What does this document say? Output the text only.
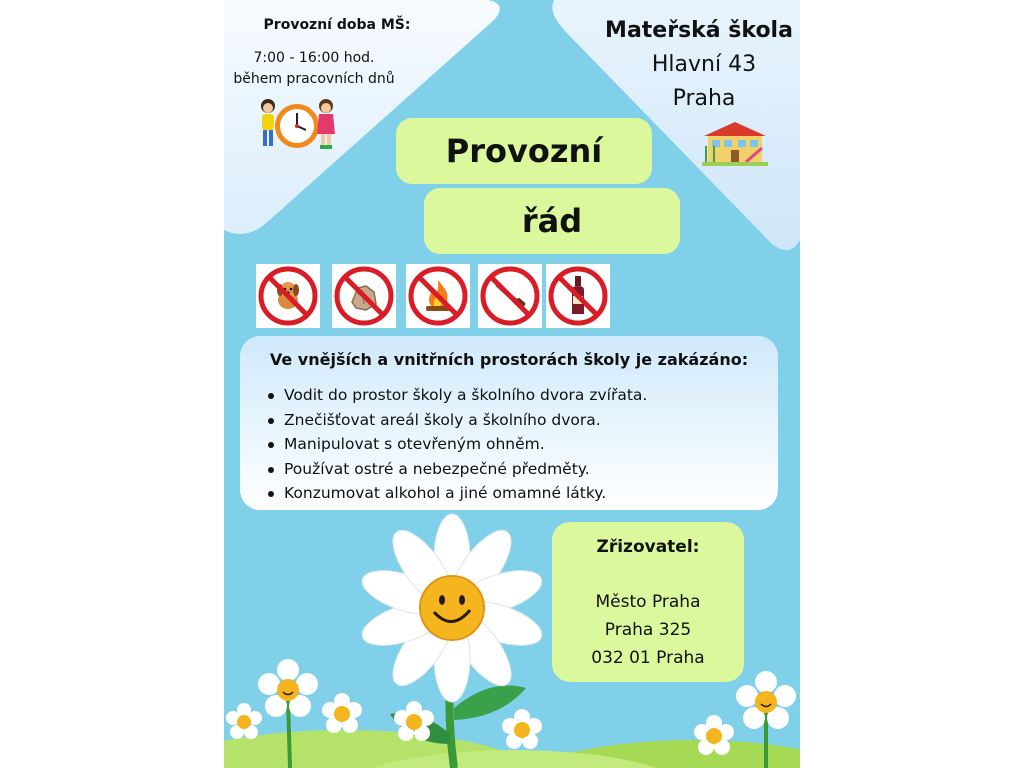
Provozní doba MŠ:
7:00 - 16:00 hod.
během pracovních dnů
Mateřská škola
Hlavní 43
Praha
Provozní
řád
Ve vnějších a vnitřních prostorách školy je zakázáno:
Vodit do prostor školy a školního dvora zvířata.
Znečišťovat areál školy a školního dvora.
Manipulovat s otevřeným ohněm.
Používat ostré a nebezpečné předměty.
Konzumovat alkohol a jiné omamné látky.
Zřizovatel:
Město Praha
Praha 325
032 01 Praha
